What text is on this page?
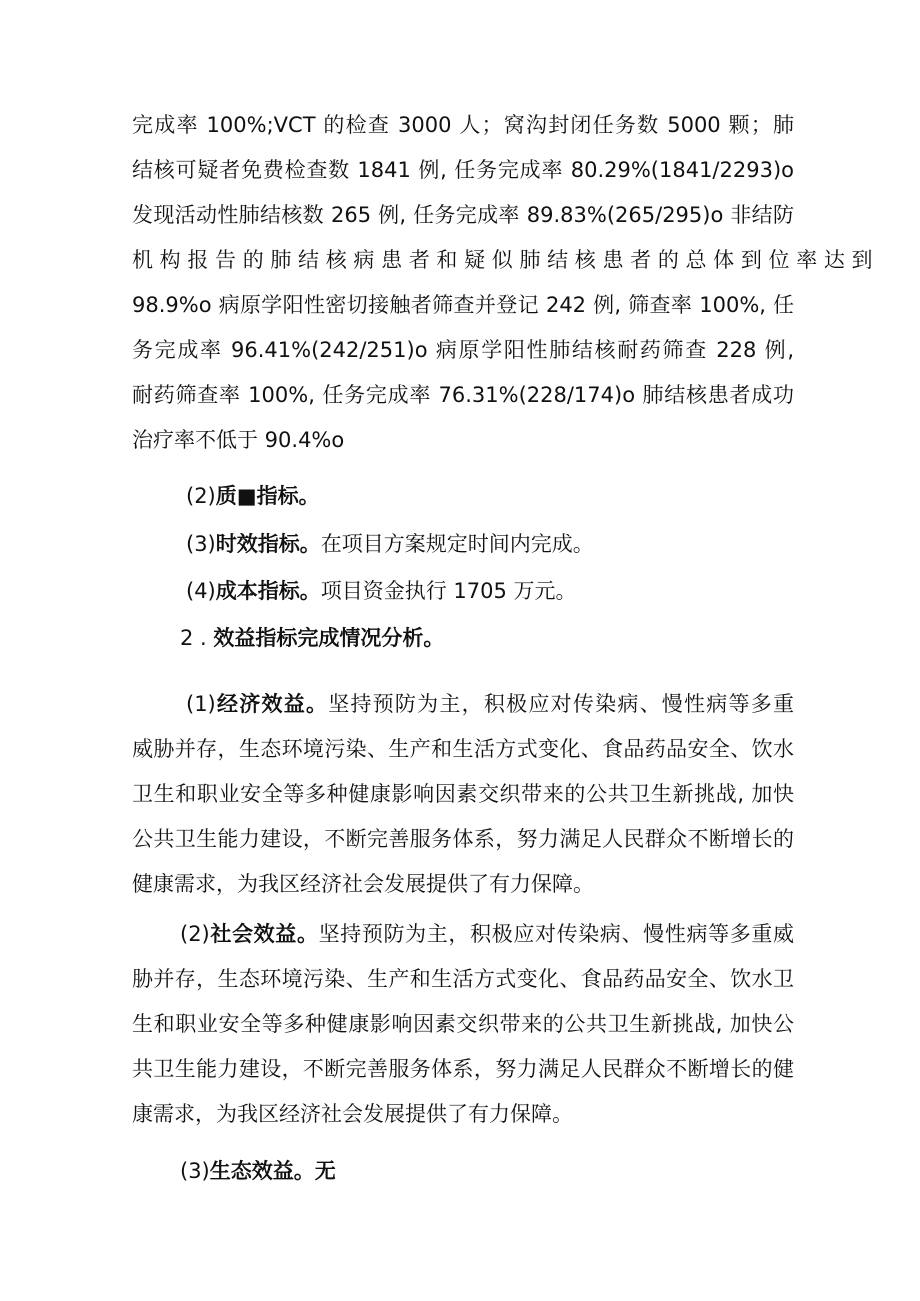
完成率 100%;VCT 的检查 3000 人；窝沟封闭任务数 5000 颗；肺
结核可疑者免费检查数 1841 例, 任务完成率 80.29%(1841/2293)o
发现活动性肺结核数 265 例, 任务完成率 89.83%(265/295)o 非结防
机 构 报 告 的 肺 结 核 病 患 者 和 疑 似 肺 结 核 患 者 的 总 体 到 位 率 达 到
98.9%o 病原学阳性密切接触者筛查并登记 242 例, 筛查率 100%, 任
务完成率 96.41%(242/251)o 病原学阳性肺结核耐药筛查 228 例,
耐药筛查率 100%, 任务完成率 76.31%(228/174)o 肺结核患者成功
治疗率不低于 90.4%o
(2)质■指标。
(3)时效指标。在项目方案规定时间内完成。
(4)成本指标。项目资金执行 1705 万元。
2 . 效益指标完成情况分析。
(1)经济效益。坚持预防为主，积极应对传染病、慢性病等多重
威胁并存，生态环境污染、生产和生活方式变化、食品药品安全、饮水
卫生和职业安全等多种健康影响因素交织带来的公共卫生新挑战, 加快
公共卫生能力建设，不断完善服务体系，努力满足人民群众不断增长的
健康需求，为我区经济社会发展提供了有力保障。
(2)社会效益。坚持预防为主，积极应对传染病、慢性病等多重威
胁并存，生态环境污染、生产和生活方式变化、食品药品安全、饮水卫
生和职业安全等多种健康影响因素交织带来的公共卫生新挑战, 加快公
共卫生能力建设，不断完善服务体系，努力满足人民群众不断增长的健
康需求，为我区经济社会发展提供了有力保障。
(3)生态效益。无
